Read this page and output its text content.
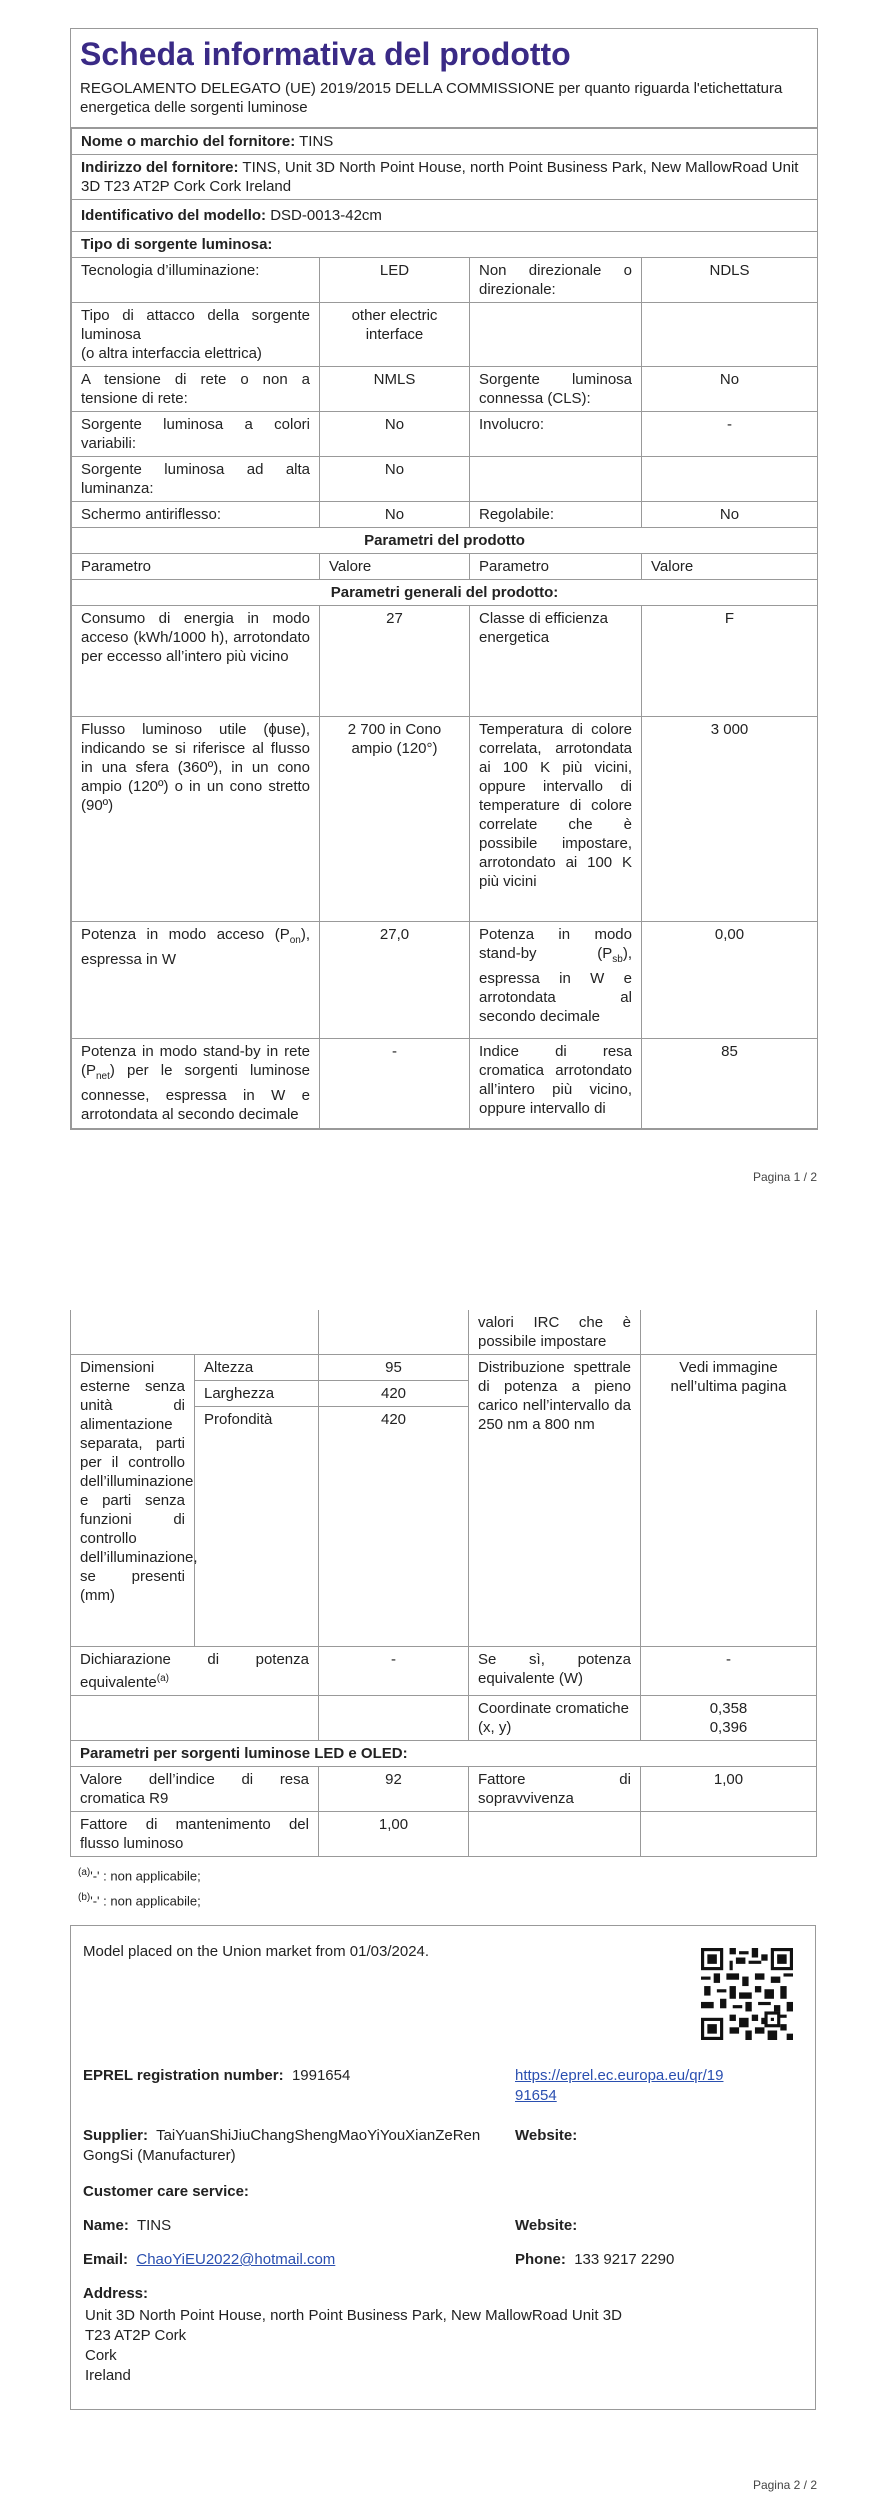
Scheda informativa del prodotto
REGOLAMENTO DELEGATO (UE) 2019/2015 DELLA COMMISSIONE per quanto riguarda l'etichettatura energetica delle sorgenti luminose
Nome o marchio del fornitore: TINS			
Indirizzo del fornitore: TINS, Unit 3D North Point House, north Point Business Park, New MallowRoad Unit 3D T23 AT2P Cork Cork Ireland			
Identificativo del modello: DSD-0013-42cm			
Tipo di sorgente luminosa:			
Tecnologia d’illuminazione:	LED	Non direzionale o direzionale:	NDLS

Tipo di attacco della sorgente luminosa
(o altra interfaccia elettrica)	other electric interface		
A tensione di rete o non a tensione di rete:	NMLS	Sorgente luminosa connessa (CLS):	No
Sorgente luminosa a colori variabili:	No	Involucro:	-
Sorgente luminosa ad alta luminanza:	No		
Schermo antiriflesso:	No	Regolabile:	No
Parametri del prodotto			
Parametro	Valore	Parametro	Valore
Parametri generali del prodotto:			
Consumo di energia in modo acceso (kWh/1000 h), arrotondato per eccesso all’intero più vicino	27	Classe di efficienza energetica	F
Flusso luminoso utile (ɸuse), indicando se si riferisce al flusso in una sfera (360º), in un cono ampio (120º) o in un cono stretto (90º)	2 700 in Cono ampio (120°)	Temperatura di colore correlata, arrotondata ai 100 K più vicini, oppure intervallo di temperature di colore correlate che è possibile impostare, arrotondato ai 100 K più vicini	3 000
Potenza in modo acceso $(P_{on})$, espressa in W	27,0	Potenza in modo stand-by $(P_{sb})$, espressa in W e arrotondata al secondo decimale	0,00
Potenza in modo stand-by in rete $(P_{net})$ per le sorgenti luminose connesse, espressa in W e arrotondata al secondo decimale	-	Indice di resa cromatica arrotondato all’intero più vicino, oppure intervallo di	85
Pagina 1 / 2
			valori IRC che è possibile impostare	
Dimensioni esterne senza unità di alimentazione separata, parti per il controllo dell’illuminazione e parti senza funzioni di controllo dell’illuminazione, se presenti (mm)	Altezza	95	Distribuzione spettrale di potenza a pieno carico nell’intervallo da 250 nm a 800 nm	Vedi immagine nell’ultima pagina
	Larghezza	420		
	Profondità	420		
Dichiarazione di potenza equivalente$^{(a)}$		-	Se sì, potenza equivalente (W)	-
			Coordinate cromatiche (x, y)	0,358
0,396

Parametri per sorgenti luminose LED e OLED:				
Valore dell’indice di resa cromatica R9		92	Fattore di sopravvivenza	1,00
Fattore di mantenimento del flusso luminoso		1,00		
$^{(a)}$'-' : non applicabile;
$^{(b)}$'-' : non applicabile;
Model placed on the Union market from 01/03/2024.
EPREL registration number: 1991654	https://eprel.ec.europa.eu/qr/19
91654
Supplier: TaiYuanShiJiuChangShengMaoYiYouXianZeRen
GongSi (Manufacturer)
Website:
Customer care service:
Name: TINS	Website:
Email: ChaoYiEU2022@hotmail.com	Phone: 133 9217 2290
Address:
Unit 3D North Point House, north Point Business Park, New MallowRoad Unit 3D
T23 AT2P Cork
Cork
Ireland
Pagina 2 / 2
